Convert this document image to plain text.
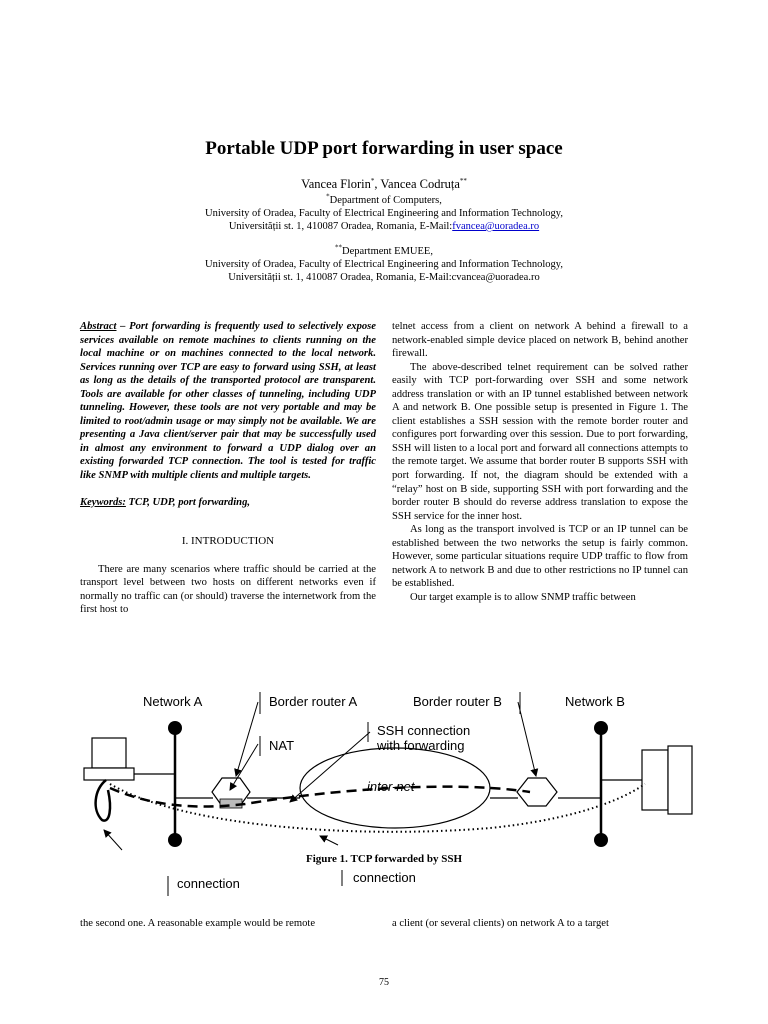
Portable UDP port forwarding in user space
Vancea Florin*, Vancea Codruța**
*Department of Computers,
University of Oradea, Faculty of Electrical Engineering and Information Technology,
Universității st. 1, 410087 Oradea, Romania, E-Mail:fvancea@uoradea.ro
**Department EMUEE,
University of Oradea, Faculty of Electrical Engineering and Information Technology,
Universității st. 1, 410087 Oradea, Romania, E-Mail:cvancea@uoradea.ro

Abstract – Port forwarding is frequently used to selectively expose services available on remote machines to clients running on the local machine or on machines connected to the local network. Services running over TCP are easy to forward using SSH, at least as long as the details of the transported protocol are transparent. Tools are available for other classes of tunneling, including UDP tunneling. However, these tools are not very portable and may be limited to root/admin usage or may simply not be available. We are presenting a Java client/server pair that may be successfully used in almost any environment to forward a UDP dialog over an existing forwarded TCP connection. The tool is tested for traffic like SNMP with multiple clients and multiple targets.

Keywords: TCP, UDP, port forwarding,

I. INTRODUCTION

There are many scenarios where traffic should be carried at the transport level between two hosts on different networks even if normally no traffic can (or should) traverse the internetwork from the first host to

telnet access from a client on network A behind a firewall to a network-enabled simple device placed on network B, behind another firewall.

The above-described telnet requirement can be solved rather easily with TCP port-forwarding over SSH and some network address translation or with an IP tunnel established between network A and network B. One possible setup is presented in Figure 1. The client establishes a SSH session with the remote border router and configures port forwarding over this session. Due to port forwarding, SSH will listen to a local port and forward all connections attempts to the remote target. We assume that border router B supports SSH with port forwarding. If not, the diagram should be extended with a “relay” host on B side, supporting SSH with port forwarding and the border router B should do reverse address translation to expose the SSH service for the inner host.

As long as the transport involved is TCP or an IP tunnel can be established between the two networks the setup is fairly common. However, some particular situations require UDP traffic to flow from network A to network B and due to other restrictions no IP tunnel can be established.

Our target example is to allow SNMP traffic between

Network A	Border router A	Border router B	Network B
NAT
SSH connection
with forwarding
inter-net
connection	connection
Figure 1. TCP forwarded by SSH
the second one. A reasonable example would be remote	a client (or several clients) on network A to a target
75
